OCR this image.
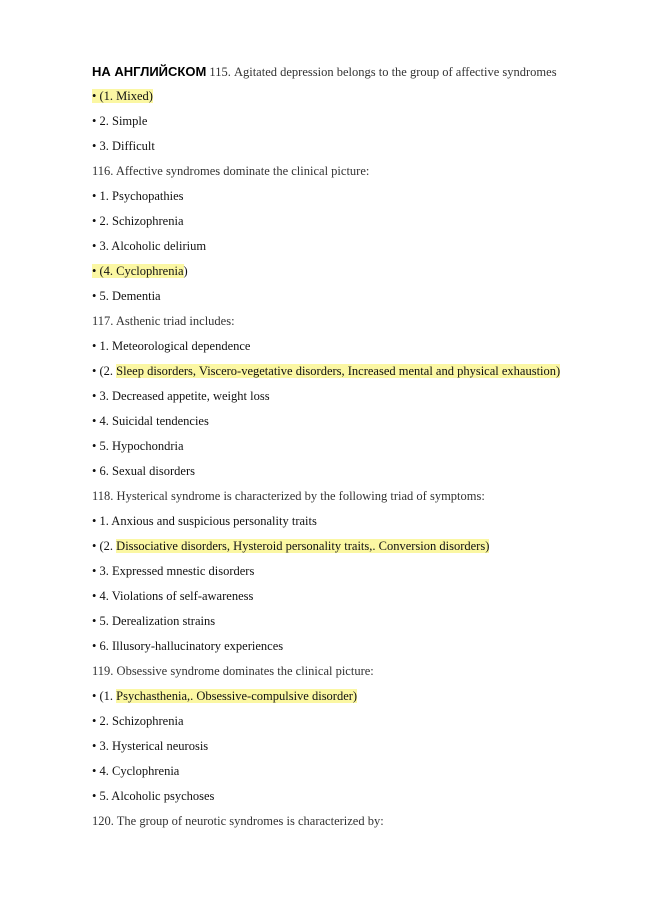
НА АНГЛИЙСКОМ 115. Agitated depression belongs to the group of affective syndromes
• (1. Mixed)
• 2. Simple
• 3. Difficult
116. Affective syndromes dominate the clinical picture:
• 1. Psychopathies
• 2. Schizophrenia
• 3. Alcoholic delirium
• (4. Cyclophrenia)
• 5. Dementia
117. Asthenic triad includes:
• 1. Meteorological dependence
• (2. Sleep disorders, Viscero-vegetative disorders, Increased mental and physical exhaustion)
• 3. Decreased appetite, weight loss
• 4. Suicidal tendencies
• 5. Hypochondria
• 6. Sexual disorders
118. Hysterical syndrome is characterized by the following triad of symptoms:
• 1. Anxious and suspicious personality traits
• (2. Dissociative disorders, Hysteroid personality traits,. Conversion disorders)
• 3. Expressed mnestic disorders
• 4. Violations of self-awareness
• 5. Derealization strains
• 6. Illusory-hallucinatory experiences
119. Obsessive syndrome dominates the clinical picture:
• (1. Psychasthenia,. Obsessive-compulsive disorder)
• 2. Schizophrenia
• 3. Hysterical neurosis
• 4. Cyclophrenia
• 5. Alcoholic psychoses
120. The group of neurotic syndromes is characterized by:
